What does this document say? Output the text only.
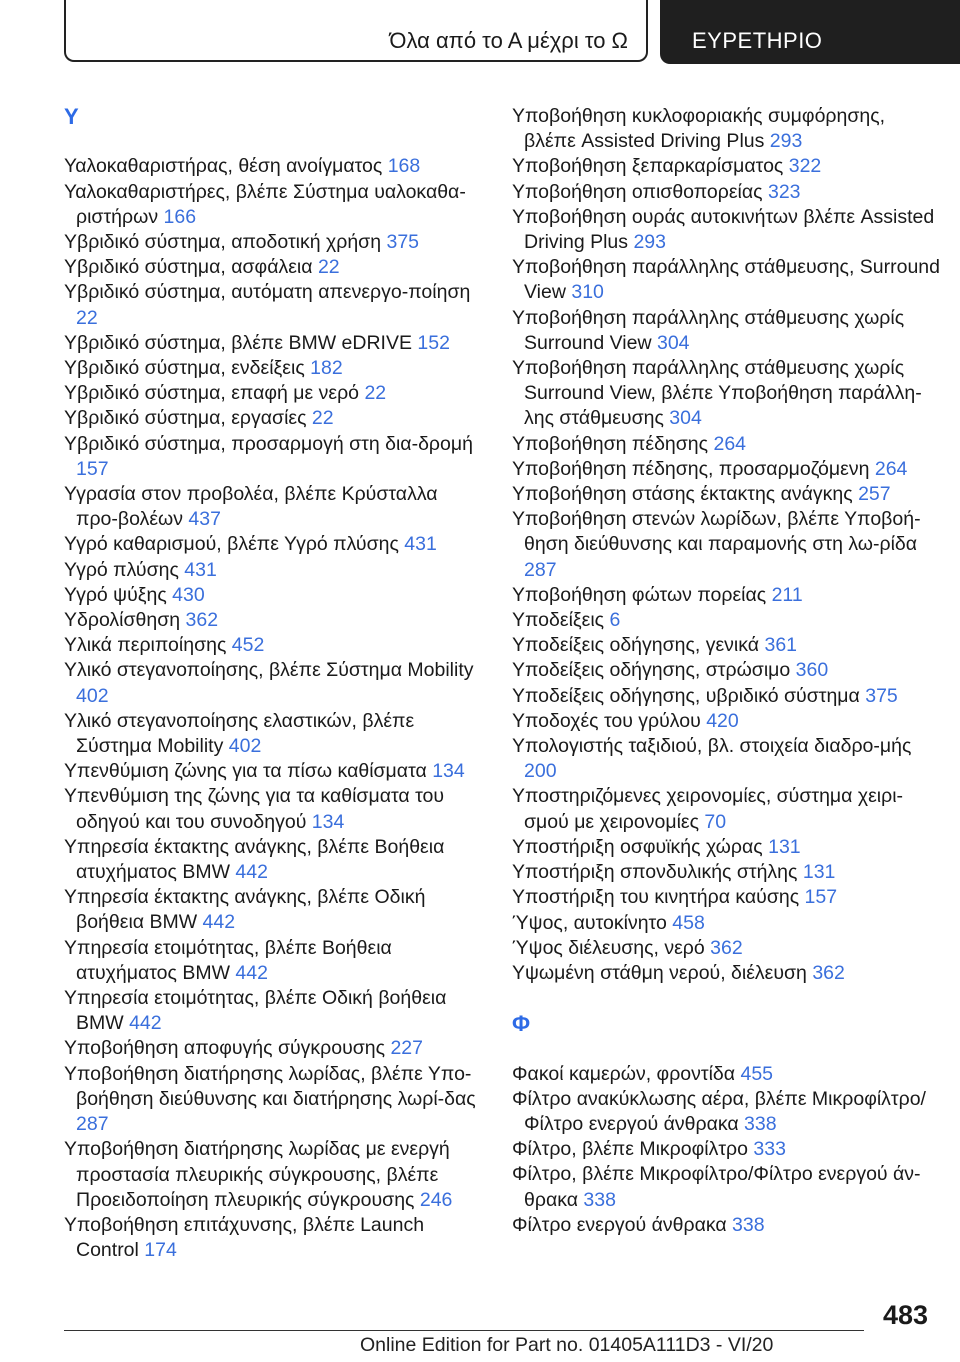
Όλα από το Α μέχρι το Ω	ΕΥΡΕΤΗΡΙΟ
Υ
Υαλοκαθαριστήρας, θέση ανοίγματος 168
Υαλοκαθαριστήρες, βλέπε Σύστημα υαλοκαθα‐ριστήρων 166
Υβριδικό σύστημα, αποδοτική χρήση 375
Υβριδικό σύστημα, ασφάλεια 22
Υβριδικό σύστημα, αυτόματη απενεργο‐ποίηση 22
Υβριδικό σύστημα, βλέπε BMW eDRIVE 152
Υβριδικό σύστημα, ενδείξεις 182
Υβριδικό σύστημα, επαφή με νερό 22
Υβριδικό σύστημα, εργασίες 22
Υβριδικό σύστημα, προσαρμογή στη δια‐δρομή 157
Υγρασία στον προβολέα, βλέπε Κρύσταλλα προ‐βολέων 437
Υγρό καθαρισμού, βλέπε Υγρό πλύσης 431
Υγρό πλύσης 431
Υγρό ψύξης 430
Υδρολίσθηση 362
Υλικά περιποίησης 452
Υλικό στεγανοποίησης, βλέπε Σύστημα Mobility 402
Υλικό στεγανοποίησης ελαστικών, βλέπε Σύστημα Mobility 402
Υπενθύμιση ζώνης για τα πίσω καθίσματα 134
Υπενθύμιση της ζώνης για τα καθίσματα του οδηγού και του συνοδηγού 134
Υπηρεσία έκτακτης ανάγκης, βλέπε Βοήθεια ατυχήματος BMW 442
Υπηρεσία έκτακτης ανάγκης, βλέπε Οδική βοήθεια BMW 442
Υπηρεσία ετοιμότητας, βλέπε Βοήθεια ατυχήματος BMW 442
Υπηρεσία ετοιμότητας, βλέπε Οδική βοήθεια BMW 442
Υποβοήθηση αποφυγής σύγκρουσης 227
Υποβοήθηση διατήρησης λωρίδας, βλέπε Υπο‐βοήθηση διεύθυνσης και διατήρησης λωρί‐δας 287
Υποβοήθηση διατήρησης λωρίδας με ενεργή προστασία πλευρικής σύγκρουσης, βλέπε Προειδοποίηση πλευρικής σύγκρουσης 246
Υποβοήθηση επιτάχυνσης, βλέπε Launch Control 174
Υποβοήθηση κυκλοφοριακής συμφόρησης, βλέπε Assisted Driving Plus 293
Υποβοήθηση ξεπαρκαρίσματος 322
Υποβοήθηση οπισθοπορείας 323
Υποβοήθηση ουράς αυτοκινήτων βλέπε Assisted Driving Plus 293
Υποβοήθηση παράλληλης στάθμευσης, Surround View 310
Υποβοήθηση παράλληλης στάθμευσης χωρίς Surround View 304
Υποβοήθηση παράλληλης στάθμευσης χωρίς Surround View, βλέπε Υποβοήθηση παράλλη‐λης στάθμευσης 304
Υποβοήθηση πέδησης 264
Υποβοήθηση πέδησης, προσαρμοζόμενη 264
Υποβοήθηση στάσης έκτακτης ανάγκης 257
Υποβοήθηση στενών λωρίδων, βλέπε Υποβοή‐θηση διεύθυνσης και παραμονής στη λω‐ρίδα 287
Υποβοήθηση φώτων πορείας 211
Υποδείξεις 6
Υποδείξεις οδήγησης, γενικά 361
Υποδείξεις οδήγησης, στρώσιμο 360
Υποδείξεις οδήγησης, υβριδικό σύστημα 375
Υποδοχές του γρύλου 420
Υπολογιστής ταξιδιού, βλ. στοιχεία διαδρο‐μής 200
Υποστηριζόμενες χειρονομίες, σύστημα χειρι‐σμού με χειρονομίες 70
Υποστήριξη οσφυϊκής χώρας 131
Υποστήριξη σπονδυλικής στήλης 131
Υποστήριξη του κινητήρα καύσης 157
Ύψος, αυτοκίνητο 458
Ύψος διέλευσης, νερό 362
Υψωμένη στάθμη νερού, διέλευση 362
Φ
Φακοί καμερών, φροντίδα 455
Φίλτρο ανακύκλωσης αέρα, βλέπε Μικροφίλτρο/Φίλτρο ενεργού άνθρακα 338
Φίλτρο, βλέπε Μικροφίλτρο 333
Φίλτρο, βλέπε Μικροφίλτρο/Φίλτρο ενεργού άν‐θρακα 338
Φίλτρο ενεργού άνθρακα 338
483
Online Edition for Part no. 01405A111D3 - VI/20
